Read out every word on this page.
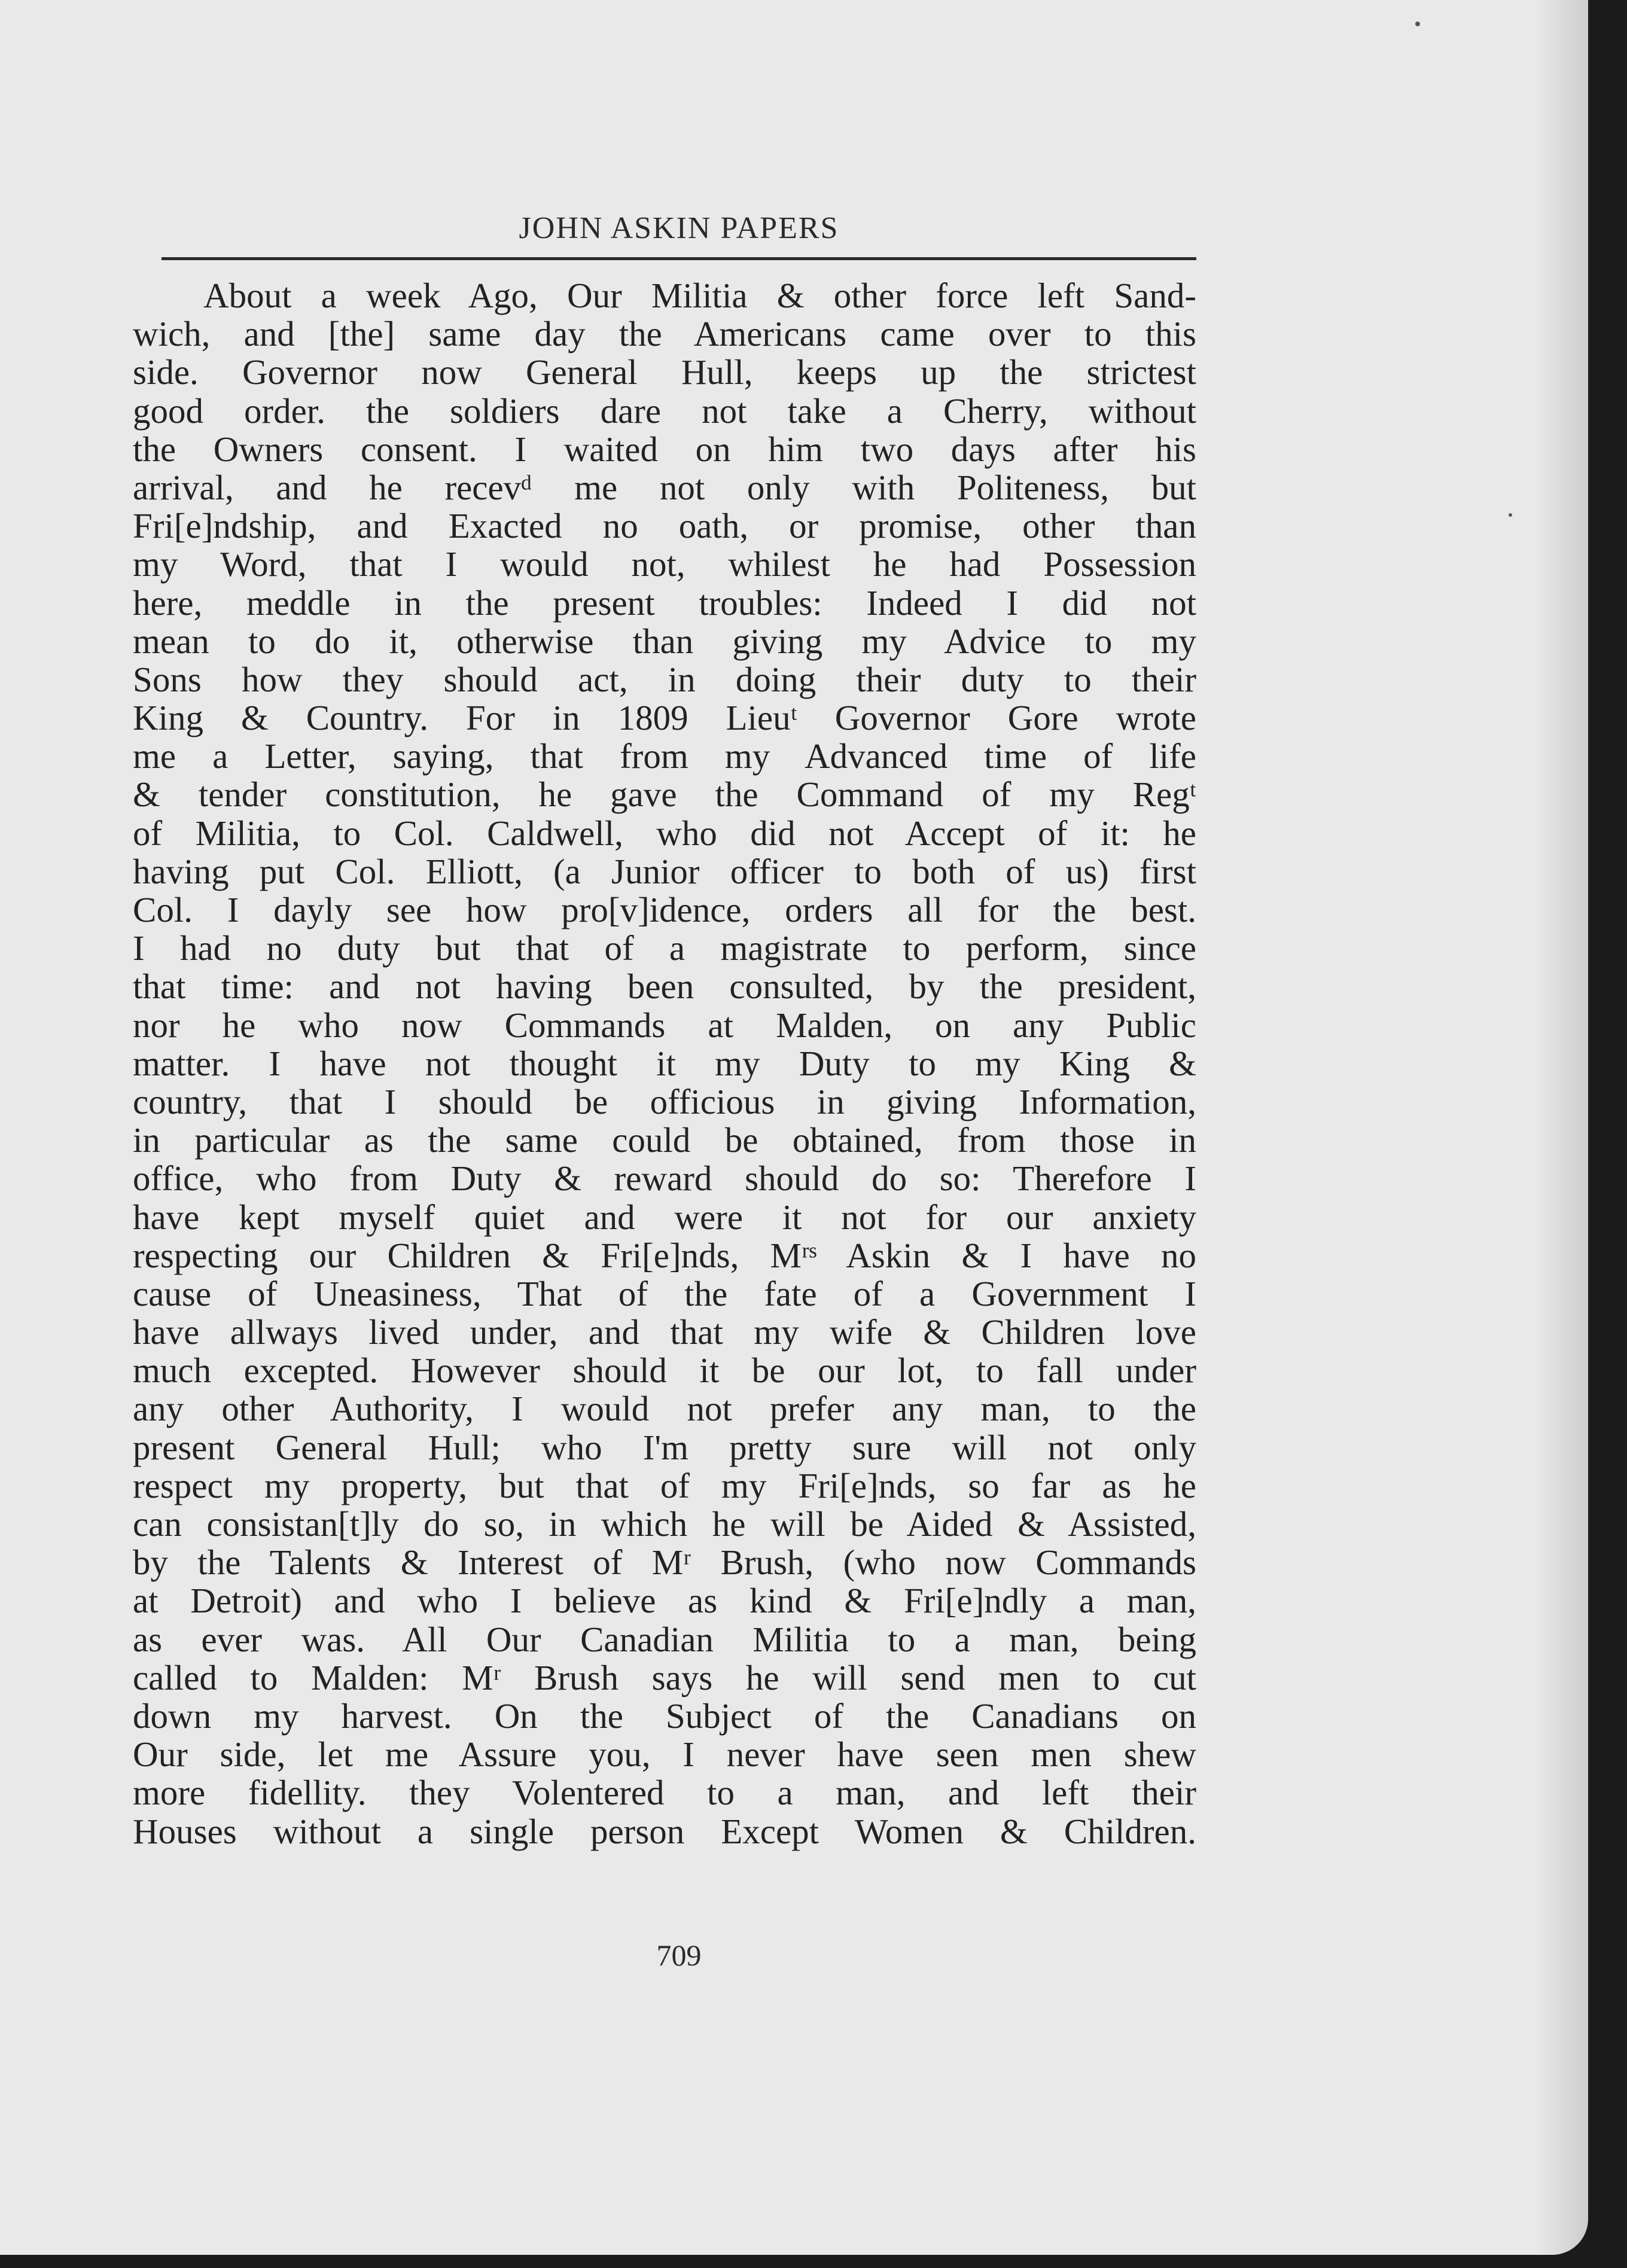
JOHN ASKIN PAPERS
About a week Ago, Our Militia & other force left Sand-
wich, and [the] same day the Americans came over to this
side. Governor now General Hull, keeps up the strictest
good order. the soldiers dare not take a Cherry, without
the Owners consent. I waited on him two days after his
arrival, and he recevᵈ me not only with Politeness, but
Fri[e]ndship, and Exacted no oath, or promise, other than
my Word, that I would not, whilest he had Possession
here, meddle in the present troubles: Indeed I did not
mean to do it, otherwise than giving my Advice to my
Sons how they should act, in doing their duty to their
King & Country. For in 1809 Lieuᵗ Governor Gore wrote
me a Letter, saying, that from my Advanced time of life
& tender constitution, he gave the Command of my Regᵗ
of Militia, to Col. Caldwell, who did not Accept of it: he
having put Col. Elliott, (a Junior officer to both of us) first
Col. I dayly see how pro[v]idence, orders all for the best.
I had no duty but that of a magistrate to perform, since
that time: and not having been consulted, by the president,
nor he who now Commands at Malden, on any Public
matter. I have not thought it my Duty to my King &
country, that I should be officious in giving Information,
in particular as the same could be obtained, from those in
office, who from Duty & reward should do so: Therefore I
have kept myself quiet and were it not for our anxiety
respecting our Children & Fri[e]nds, Mʳˢ Askin & I have no
cause of Uneasiness, That of the fate of a Government I
have allways lived under, and that my wife & Children love
much excepted. However should it be our lot, to fall under
any other Authority, I would not prefer any man, to the
present General Hull; who I'm pretty sure will not only
respect my property, but that of my Fri[e]nds, so far as he
can consistan[t]ly do so, in which he will be Aided & Assisted,
by the Talents & Interest of Mʳ Brush, (who now Commands
at Detroit) and who I believe as kind & Fri[e]ndly a man,
as ever was. All Our Canadian Militia to a man, being
called to Malden: Mʳ Brush says he will send men to cut
down my harvest. On the Subject of the Canadians on
Our side, let me Assure you, I never have seen men shew
more fidellity. they Volentered to a man, and left their
Houses without a single person Except Women & Children.
709
